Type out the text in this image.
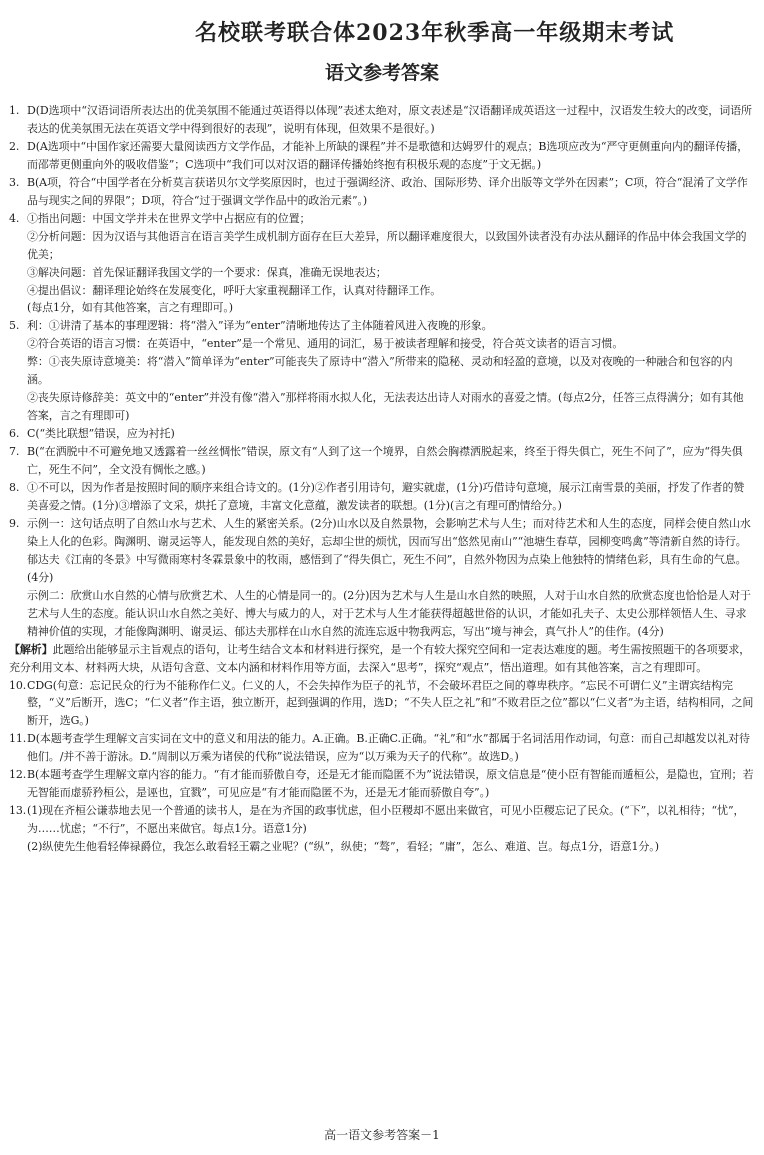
名校联考联合体2023年秋季高一年级期末考试
语文参考答案
1. D(D选项中“汉语词语所表达出的优美氛围不能通过英语得以体现”表述太绝对，原文表述是“汉语翻译成英语这一过程中，汉语发生较大的改变，词语所表达的优美氛围无法在英语文学中得到很好的表现”，说明有体现，但效果不是很好。)

2. D(A选项中“中国作家还需要大量阅读西方文学作品，才能补上所缺的课程”并不是歌德和达姆罗什的观点；B选项应改为“严守更侧重向内的翻译传播，而邵蒂更侧重向外的吸收借鉴”；C选项中“我们可以对汉语的翻译传播始终抱有积极乐观的态度”于文无据。)

3. B(A项，符合“中国学者在分析莫言获诺贝尔文学奖原因时，也过于强调经济、政治、国际形势、译介出版等文学外在因素”；C项，符合“混淆了文学作品与现实之间的界限”；D项，符合“过于强调文学作品中的政治元素”。)

4. ①指出问题：中国文学并未在世界文学中占据应有的位置；

②分析问题：因为汉语与其他语言在语言美学生成机制方面存在巨大差异，所以翻译难度很大，以致国外读者没有办法从翻译的作品中体会我国文学的优美；

③解决问题：首先保证翻译我国文学的一个要求：保真，准确无误地表达；

④提出倡议：翻译理论始终在发展变化，呼吁大家重视翻译工作，认真对待翻译工作。

(每点1分，如有其他答案，言之有理即可。)

5. 利：①讲清了基本的事理逻辑：将“潜入”译为“enter”清晰地传达了主体随着风进入夜晚的形象。

②符合英语的语言习惯：在英语中，“enter”是一个常见、通用的词汇，易于被读者理解和接受，符合英文读者的语言习惯。

弊：①丧失原诗意境美：将“潜入”简单译为“enter”可能丧失了原诗中“潜入”所带来的隐秘、灵动和轻盈的意境，以及对夜晚的一种融合和包容的内涵。

②丧失原诗修辞美：英文中的“enter”并没有像“潜入”那样将雨水拟人化，无法表达出诗人对雨水的喜爱之情。(每点2分，任答三点得满分；如有其他答案，言之有理即可)

6. C(“类比联想”错误，应为衬托)

7. B(“在洒脱中不可避免地又透露着一丝丝惆怅”错误，原文有“人到了这一个境界，自然会胸襟洒脱起来，终至于得失俱亡，死生不问了”，应为“得失俱亡，死生不问”，全文没有惆怅之感。)

8. ①不可以，因为作者是按照时间的顺序来组合诗文的。(1分)②作者引用诗句，避实就虚，(1分)巧借诗句意境，展示江南雪景的美丽，抒发了作者的赞美喜爱之情。(1分)③增添了文采，烘托了意境，丰富文化意蕴，激发读者的联想。(1分)(言之有理可酌情给分。)

9. 示例一：这句话点明了自然山水与艺术、人生的紧密关系。(2分)山水以及自然景物，会影响艺术与人生；而对待艺术和人生的态度，同样会使自然山水染上人化的色彩。陶渊明、谢灵运等人，能发现自然的美好，忘却尘世的烦忧，因而写出“悠然见南山”“池塘生春草，园柳变鸣禽”等清新自然的诗行。郁达夫《江南的冬景》中写微雨寒村冬霖景象中的牧雨，感悟到了“得失俱亡，死生不问”，自然外物因为点染上他独特的情绪色彩，具有生命的气息。(4分)

示例二：欣赏山水自然的心情与欣赏艺术、人生的心情是同一的。(2分)因为艺术与人生是山水自然的映照，人对于山水自然的欣赏态度也恰恰是人对于艺术与人生的态度。能认识山水自然之美好、博大与威力的人，对于艺术与人生才能获得超越世俗的认识，才能如孔夫子、太史公那样领悟人生、寻求精神价值的实现，才能像陶渊明、谢灵运、郁达夫那样在山水自然的流连忘返中物我两忘，写出“境与神会，真气扑人”的佳作。(4分)

【解析】此题给出能够显示主旨观点的语句，让考生结合文本和材料进行探究，是一个有较大探究空间和一定表达难度的题。考生需按照题干的各项要求，充分利用文本、材料两大块，从语句含意、文本内涵和材料作用等方面，去深入“思考”，探究“观点”，悟出道理。如有其他答案，言之有理即可。

10. CDG(句意：忘记民众的行为不能称作仁义。仁义的人，不会失掉作为臣子的礼节，不会破坏君臣之间的尊卑秩序。“忘民不可谓仁义”主谓宾结构完整，“义”后断开，选C；“仁义者”作主语，独立断开，起到强调的作用，选D；“不失人臣之礼”和“不败君臣之位”都以“仁义者”为主语，结构相同，之间断开，选G。)

11. D(本题考查学生理解文言实词在文中的意义和用法的能力。A.正确。B.正确C.正确。“礼”和“水”都属于名词活用作动词，句意：而自己却越发以礼对待他们。/并不善于游泳。D.“周制以万乘为诸侯的代称”说法错误，应为“以万乘为天子的代称”。故选D。)

12. B(本题考查学生理解文章内容的能力。“有才能而骄傲自夸，还是无才能而隐匿不为”说法错误，原文信息是“使小臣有智能而遁桓公，是隐也，宜刑；若无智能而虚骄矜桓公，是诬也，宜戮”，可见应是“有才能而隐匿不为，还是无才能而骄傲自夸”。)

13. (1)现在齐桓公谦恭地去见一个普通的读书人，是在为齐国的政事忧虑，但小臣稷却不愿出来做官，可见小臣稷忘记了民众。(“下”，以礼相待；“忧”，为……忧虑；“不行”，不愿出来做官。每点1分。语意1分)

(2)纵使先生他看轻俸禄爵位，我怎么敢看轻王霸之业呢？(“纵”，纵使；“骜”，看轻；“庸”，怎么、难道、岂。每点1分，语意1分。)

高一语文参考答案－1
